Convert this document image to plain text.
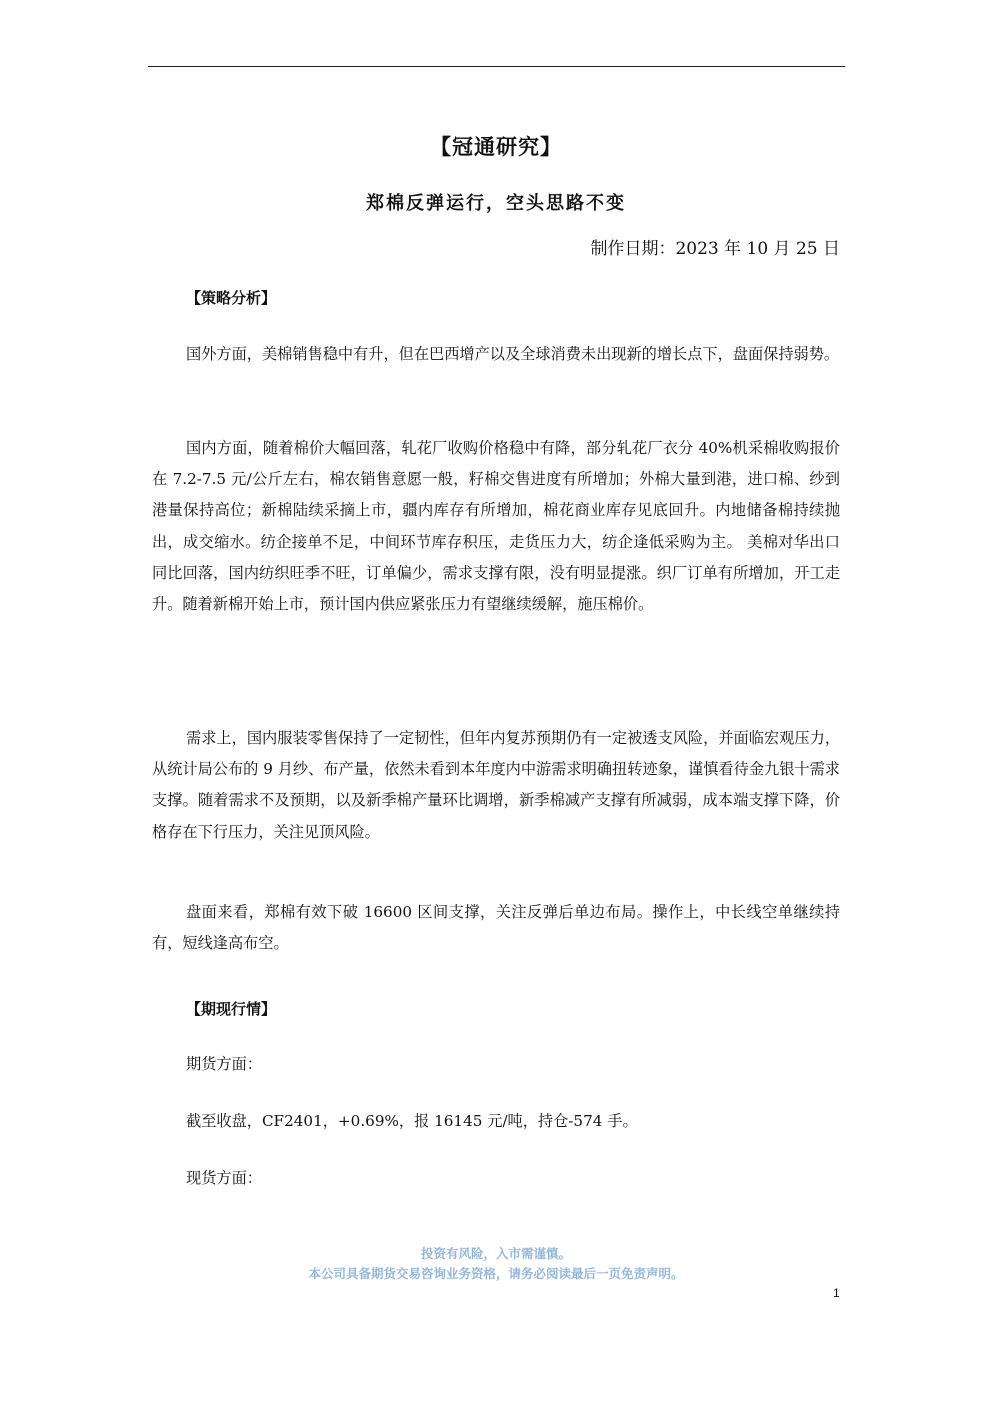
【冠通研究】
郑棉反弹运行，空头思路不变
制作日期：2023 年 10 月 25 日
【策略分析】
国外方面，美棉销售稳中有升，但在巴西增产以及全球消费未出现新的增长点下，盘面保持弱势。
国内方面，随着棉价大幅回落，轧花厂收购价格稳中有降，部分轧花厂衣分 40%机采棉收购报价在 7.2-7.5 元/公斤左右，棉农销售意愿一般，籽棉交售进度有所增加；外棉大量到港，进口棉、纱到港量保持高位；新棉陆续采摘上市，疆内库存有所增加，棉花商业库存见底回升。内地储备棉持续抛出，成交缩水。纺企接单不足，中间环节库存积压，走货压力大，纺企逢低采购为主。 美棉对华出口同比回落，国内纺织旺季不旺，订单偏少，需求支撑有限，没有明显提涨。织厂订单有所增加，开工走升。随着新棉开始上市，预计国内供应紧张压力有望继续缓解，施压棉价。
需求上，国内服装零售保持了一定韧性，但年内复苏预期仍有一定被透支风险，并面临宏观压力，从统计局公布的 9 月纱、布产量，依然未看到本年度内中游需求明确扭转迹象，谨慎看待金九银十需求支撑。随着需求不及预期，以及新季棉产量环比调增，新季棉减产支撑有所减弱，成本端支撑下降，价格存在下行压力，关注见顶风险。
盘面来看，郑棉有效下破 16600 区间支撑，关注反弹后单边布局。操作上，中长线空单继续持有，短线逢高布空。
【期现行情】
期货方面：
截至收盘，CF2401，+0.69%，报 16145 元/吨，持仓-574 手。
现货方面：
投资有风险，入市需谨慎。
本公司具备期货交易咨询业务资格，请务必阅读最后一页免责声明。
1
